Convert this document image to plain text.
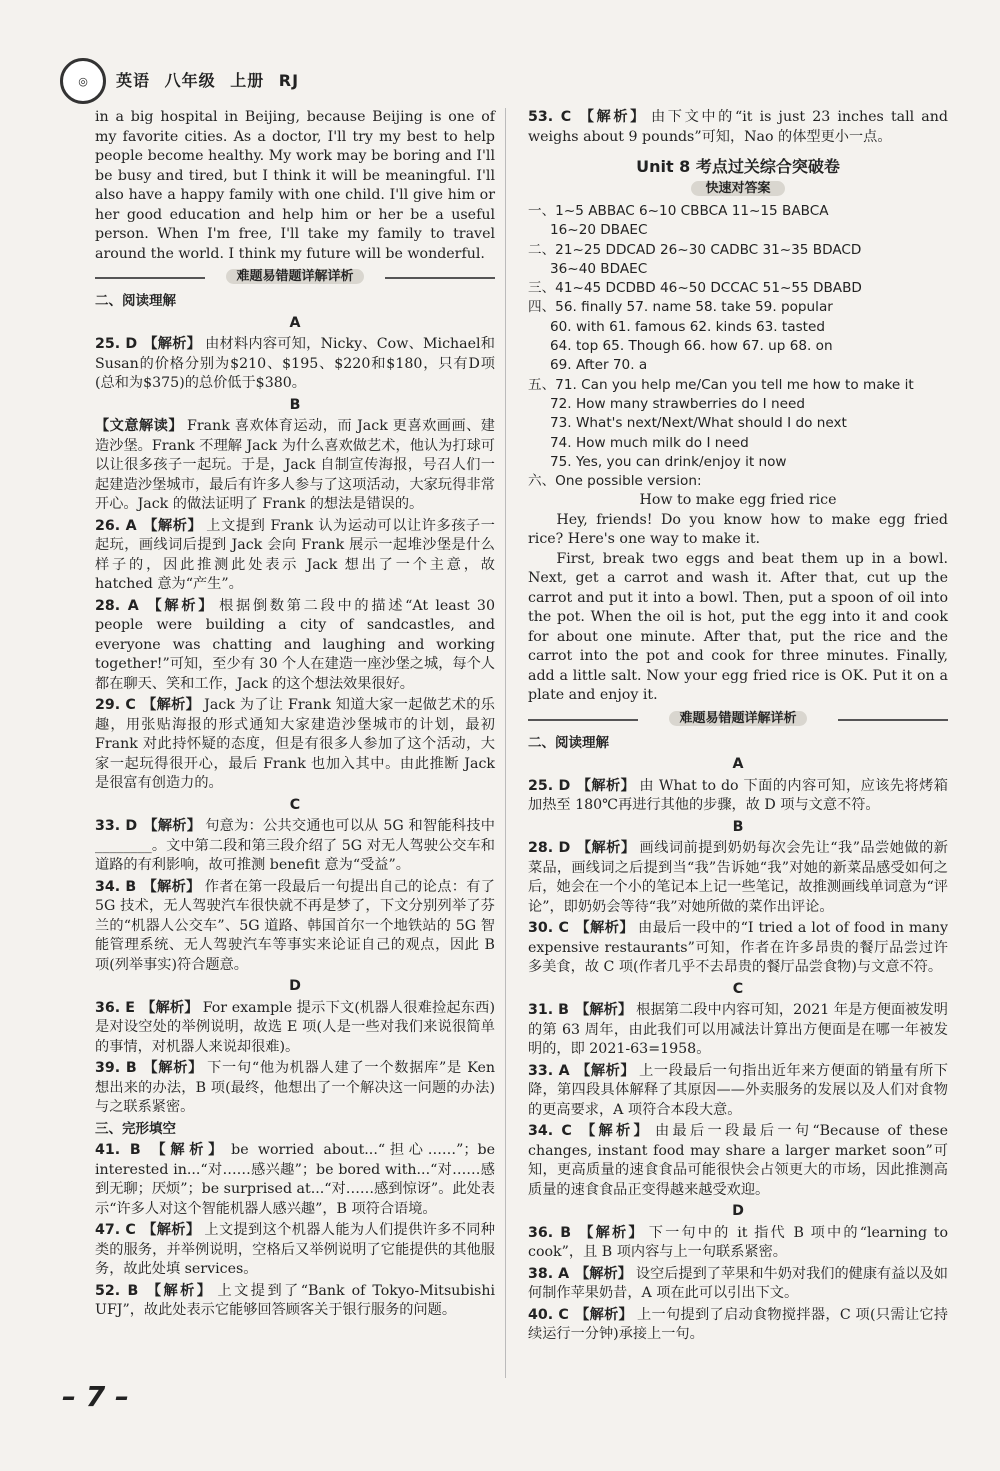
◎	英语 八年级 上册 RJ

in a big hospital in Beijing, because Beijing is one of my favorite cities. As a doctor, I'll try my best to help people become healthy. My work may be boring and I'll be busy and tired, but I think it will be meaningful. I'll also have a happy family with one child. I'll give him or her good education and help him or her be a useful person. When I'm free, I'll take my family to travel around the world. I think my future will be wonderful.

难题易错题详解详析
二、阅读理解
A

25. D 【解析】 由材料内容可知，Nicky、Cow、Michael和 Susan的价格分别为$210、$195、$220和$180，只有D项(总和为$375)的总价低于$380。

B

【文意解读】 Frank 喜欢体育运动，而 Jack 更喜欢画画、建造沙堡。Frank 不理解 Jack 为什么喜欢做艺术，他认为打球可以让很多孩子一起玩。于是，Jack 自制宣传海报，号召人们一起建造沙堡城市，最后有许多人参与了这项活动，大家玩得非常开心。Jack 的做法证明了 Frank 的想法是错误的。

26. A 【解析】 上文提到 Frank 认为运动可以让许多孩子一起玩，画线词后提到 Jack 会向 Frank 展示一起堆沙堡是什么样子的，因此推测此处表示 Jack 想出了一个主意，故 hatched 意为“产生”。

28. A 【解析】 根据倒数第二段中的描述“At least 30 people were building a city of sandcastles, and everyone was chatting and laughing and working together!”可知，至少有 30 个人在建造一座沙堡之城，每个人都在聊天、笑和工作，Jack 的这个想法效果很好。

29. C 【解析】 Jack 为了让 Frank 知道大家一起做艺术的乐趣，用张贴海报的形式通知大家建造沙堡城市的计划，最初 Frank 对此持怀疑的态度，但是有很多人参加了这个活动，大家一起玩得很开心，最后 Frank 也加入其中。由此推断 Jack 是很富有创造力的。

C

33. D 【解析】 句意为：公共交通也可以从 5G 和智能科技中________。文中第二段和第三段介绍了 5G 对无人驾驶公交车和道路的有利影响，故可推测 benefit 意为“受益”。

34. B 【解析】 作者在第一段最后一句提出自己的论点：有了 5G 技术，无人驾驶汽车很快就不再是梦了，下文分别列举了芬兰的“机器人公交车”、5G 道路、韩国首尔一个地铁站的 5G 智能管理系统、无人驾驶汽车等事实来论证自己的观点，因此 B 项(列举事实)符合题意。

D

36. E 【解析】 For example 提示下文(机器人很难捡起东西)是对设空处的举例说明，故选 E 项(人是一些对我们来说很简单的事情，对机器人来说却很难)。

39. B 【解析】 下一句“他为机器人建了一个数据库”是 Ken 想出来的办法，B 项(最终，他想出了一个解决这一问题的办法)与之联系紧密。

三、完形填空

41. B 【解析】 be worried about...“担心……”；be interested in...“对……感兴趣”；be bored with...“对……感到无聊；厌烦”；be surprised at...“对……感到惊讶”。此处表示“许多人对这个智能机器人感兴趣”，B 项符合语境。

47. C 【解析】 上文提到这个机器人能为人们提供许多不同种类的服务，并举例说明，空格后又举例说明了它能提供的其他服务，故此处填 services。

52. B 【解析】 上文提到了“Bank of Tokyo-Mitsubishi UFJ”，故此处表示它能够回答顾客关于银行服务的问题。

53. C 【解析】 由下文中的“it is just 23 inches tall and weighs about 9 pounds”可知，Nao 的体型更小一点。

Unit 8 考点过关综合突破卷
快速对答案
一、1~5 ABBAC 6~10 CBBCA 11~15 BABCA
16~20 DBAEC
二、21~25 DDCAD 26~30 CADBC 31~35 BDACD
36~40 BDAEC
三、41~45 DCDBD 46~50 DCCAC 51~55 DBABD
四、56. finally 57. name 58. take 59. popular
60. with 61. famous 62. kinds 63. tasted
64. top 65. Though 66. how 67. up 68. on
69. After 70. a
五、71. Can you help me/Can you tell me how to make it
72. How many strawberries do I need
73. What's next/Next/What should I do next
74. How much milk do I need
75. Yes, you can drink/enjoy it now
六、One possible version:
How to make egg fried rice

Hey, friends! Do you know how to make egg fried rice? Here's one way to make it.

First, break two eggs and beat them up in a bowl. Next, get a carrot and wash it. After that, cut up the carrot and put it into a bowl. Then, put a spoon of oil into the pot. When the oil is hot, put the egg into it and cook for about one minute. After that, put the rice and the carrot into the pot and cook for three minutes. Finally, add a little salt. Now your egg fried rice is OK. Put it on a plate and enjoy it.

难题易错题详解详析
二、阅读理解
A

25. D 【解析】 由 What to do 下面的内容可知，应该先将烤箱加热至 180℃再进行其他的步骤，故 D 项与文意不符。

B

28. D 【解析】 画线词前提到奶奶每次会先让“我”品尝她做的新菜品，画线词之后提到当“我”告诉她“我”对她的新菜品感受如何之后，她会在一个小的笔记本上记一些笔记，故推测画线单词意为“评论”，即奶奶会等待“我”对她所做的菜作出评论。

30. C 【解析】 由最后一段中的“I tried a lot of food in many expensive restaurants”可知，作者在许多昂贵的餐厅品尝过许多美食，故 C 项(作者几乎不去昂贵的餐厅品尝食物)与文意不符。

C

31. B 【解析】 根据第二段中内容可知，2021 年是方便面被发明的第 63 周年，由此我们可以用减法计算出方便面是在哪一年被发明的，即 2021-63=1958。

33. A 【解析】 上一段最后一句指出近年来方便面的销量有所下降，第四段具体解释了其原因——外卖服务的发展以及人们对食物的更高要求，A 项符合本段大意。

34. C 【解析】 由最后一段最后一句“Because of these changes, instant food may share a larger market soon”可知，更高质量的速食食品可能很快会占领更大的市场，因此推测高质量的速食食品正变得越来越受欢迎。

D

36. B 【解析】 下一句中的 it 指代 B 项中的“learning to cook”，且 B 项内容与上一句联系紧密。

38. A 【解析】 设空后提到了苹果和牛奶对我们的健康有益以及如何制作苹果奶昔，A 项在此可以引出下文。

40. C 【解析】 上一句提到了启动食物搅拌器，C 项(只需让它持续运行一分钟)承接上一句。

– 7 –
